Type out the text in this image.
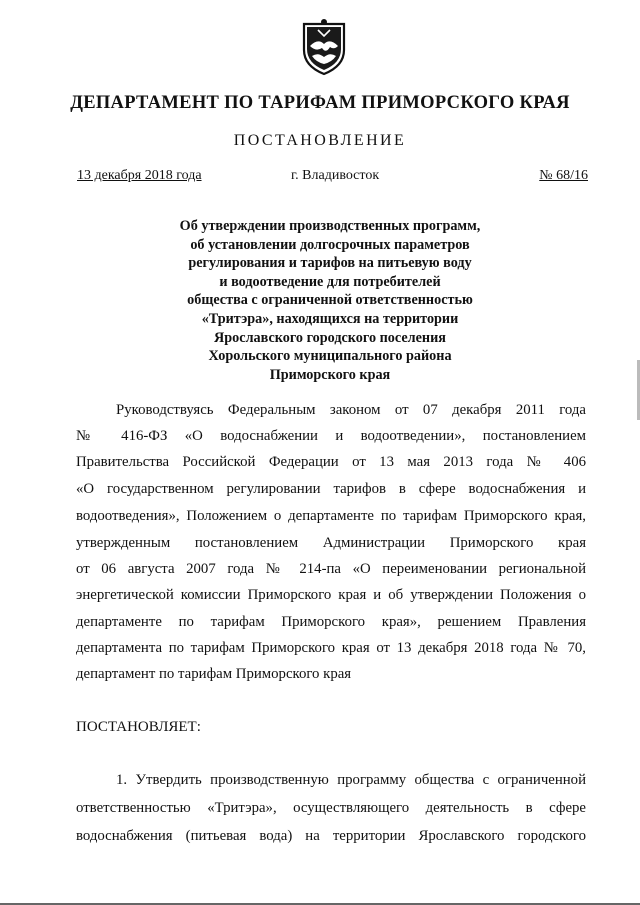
ДЕПАРТАМЕНТ ПО ТАРИФАМ ПРИМОРСКОГО КРАЯ
ПОСТАНОВЛЕНИЕ
13 декабря 2018 года	г. Владивосток	№ 68/16
Об утверждении производственных программ,
об установлении долгосрочных параметров
регулирования и тарифов на питьевую воду
и водоотведение для потребителей
общества с ограниченной ответственностью
«Тритэра», находящихся на территории
Ярославского городского поселения
Хорольского муниципального района
Приморского края
Руководствуясь Федеральным законом от 07 декабря 2011 года
№ 416-ФЗ «О водоснабжении и водоотведении», постановлением
Правительства Российской Федерации от 13 мая 2013 года № 406
«О государственном регулировании тарифов в сфере водоснабжения и
водоотведения», Положением о департаменте по тарифам Приморского края,
утвержденным постановлением Администрации Приморского края
от 06 августа 2007 года № 214-па «О переименовании региональной
энергетической комиссии Приморского края и об утверждении Положения о
департаменте по тарифам Приморского края», решением Правления
департамента по тарифам Приморского края от 13 декабря 2018 года № 70,
департамент по тарифам Приморского края
ПОСТАНОВЛЯЕТ:
1. Утвердить производственную программу общества с ограниченной
ответственностью «Тритэра», осуществляющего деятельность в сфере
водоснабжения (питьевая вода) на территории Ярославского городского
